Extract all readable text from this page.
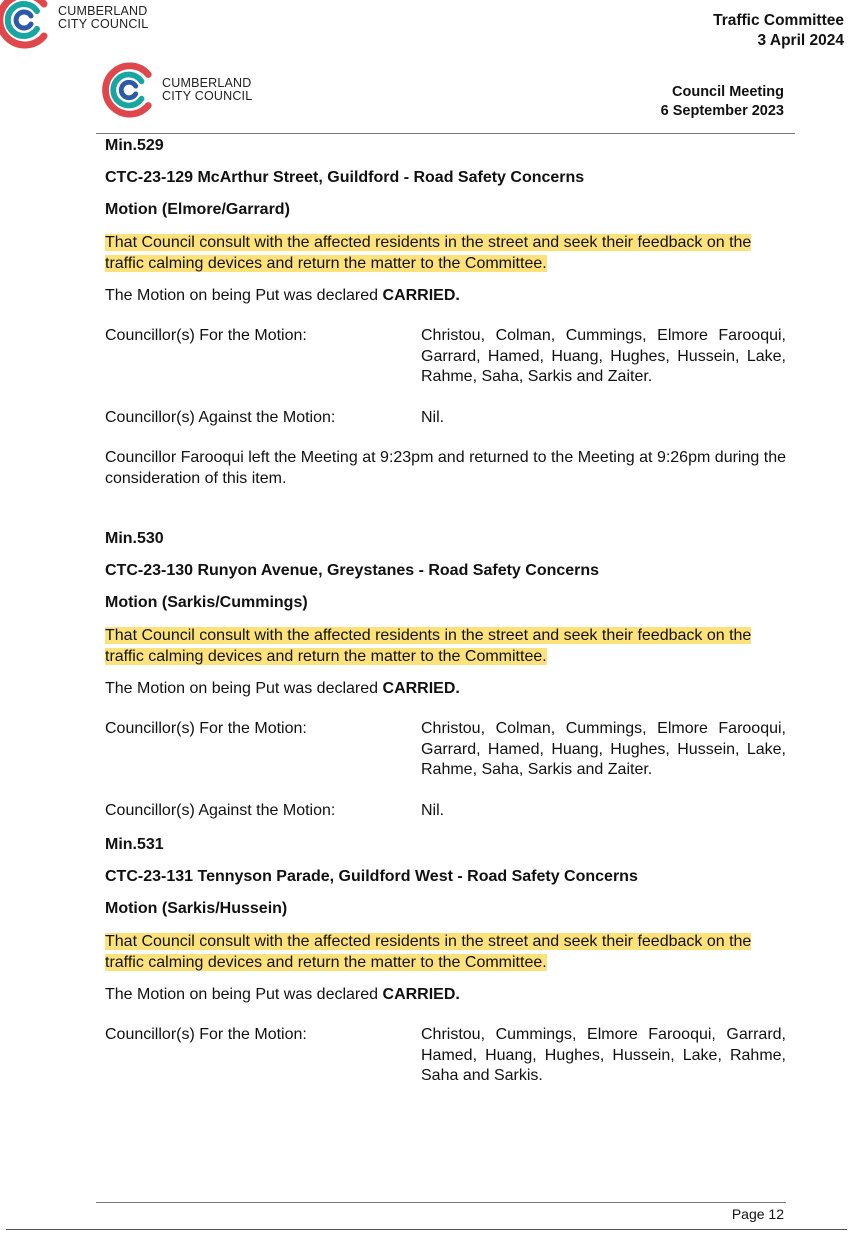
CUMBERLAND
CITY COUNCIL	Traffic Committee
3 April 2024
CUMBERLAND
CITY COUNCIL	Council Meeting
6 September 2023
Min.529
CTC-23-129 McArthur Street, Guildford - Road Safety Concerns
Motion (Elmore/Garrard)
That Council consult with the affected residents in the street and seek their feedback on the traffic calming devices and return the matter to the Committee.
The Motion on being Put was declared CARRIED.
Councillor(s) For the Motion:	Christou, Colman, Cummings, Elmore Farooqui, Garrard, Hamed, Huang, Hughes, Hussein, Lake, Rahme, Saha, Sarkis and Zaiter.
Councillor(s) Against the Motion:	Nil.
Councillor Farooqui left the Meeting at 9:23pm and returned to the Meeting at 9:26pm during the consideration of this item.
Min.530
CTC-23-130 Runyon Avenue, Greystanes - Road Safety Concerns
Motion (Sarkis/Cummings)
That Council consult with the affected residents in the street and seek their feedback on the traffic calming devices and return the matter to the Committee.
The Motion on being Put was declared CARRIED.
Councillor(s) For the Motion:	Christou, Colman, Cummings, Elmore Farooqui, Garrard, Hamed, Huang, Hughes, Hussein, Lake, Rahme, Saha, Sarkis and Zaiter.
Councillor(s) Against the Motion:	Nil.
Min.531
CTC-23-131 Tennyson Parade, Guildford West - Road Safety Concerns
Motion (Sarkis/Hussein)
That Council consult with the affected residents in the street and seek their feedback on the traffic calming devices and return the matter to the Committee.
The Motion on being Put was declared CARRIED.
Councillor(s) For the Motion:	Christou, Cummings, Elmore Farooqui, Garrard, Hamed, Huang, Hughes, Hussein, Lake, Rahme, Saha and Sarkis.
Page 12
